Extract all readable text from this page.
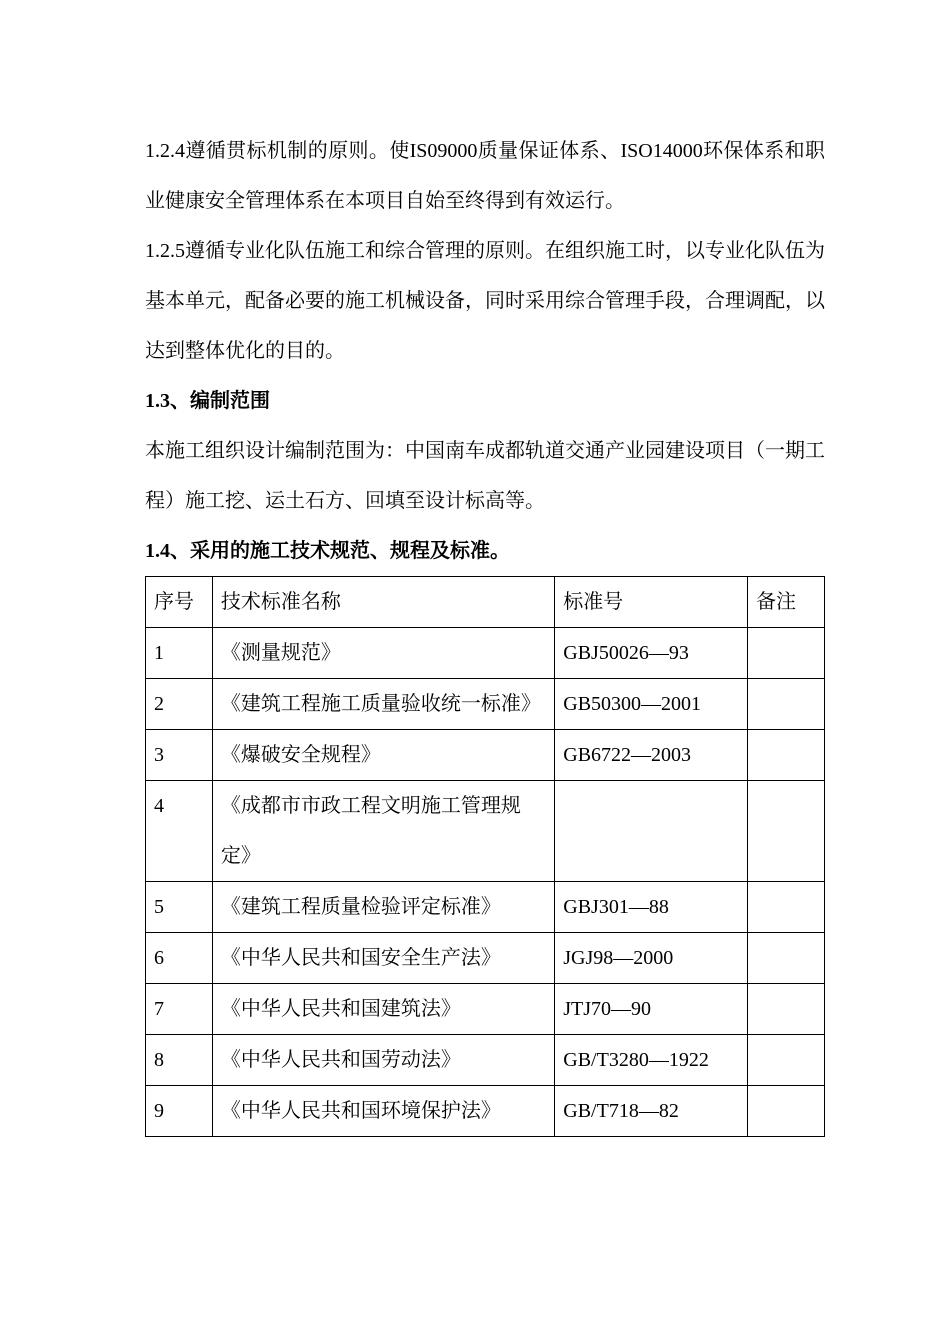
1.2.4遵循贯标机制的原则。使IS09000质量保证体系、ISO14000环保体系和职业健康安全管理体系在本项目自始至终得到有效运行。

1.2.5遵循专业化队伍施工和综合管理的原则。在组织施工时，以专业化队伍为基本单元，配备必要的施工机械设备，同时采用综合管理手段，合理调配，以达到整体优化的目的。

1.3、编制范围

本施工组织设计编制范围为：中国南车成都轨道交通产业园建设项目（一期工程）施工挖、运土石方、回填至设计标高等。

1.4、采用的施工技术规范、规程及标准。

序号	技术标准名称	标准号	备注
1	《测量规范》	GBJ50026—93	
2	《建筑工程施工质量验收统一标准》	GB50300—2001	
3	《爆破安全规程》	GB6722—2003	
4	《成都市市政工程文明施工管理规定》		
5	《建筑工程质量检验评定标准》	GBJ301—88	
6	《中华人民共和国安全生产法》	JGJ98—2000	
7	《中华人民共和国建筑法》	JTJ70—90	
8	《中华人民共和国劳动法》	GB/T3280—1922	
9	《中华人民共和国环境保护法》	GB/T718—82	
